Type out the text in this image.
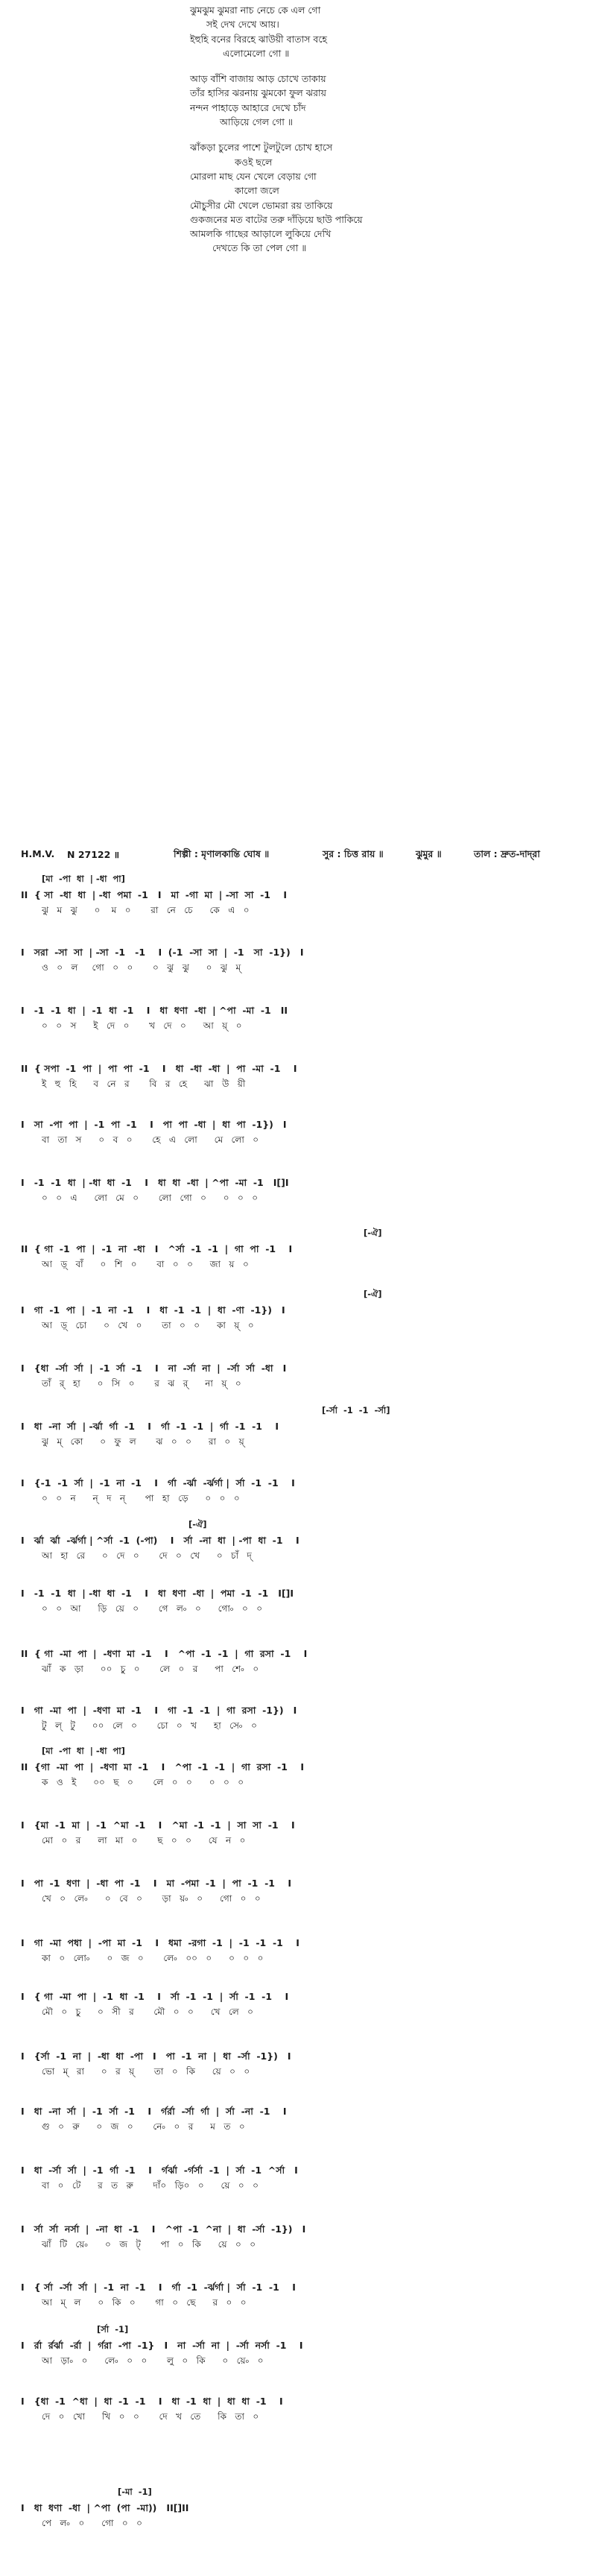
ঝুমঝুম ঝুমরা নাচ নেচে কে এল গো
সই দেখ দেখে আয়।
ইহুহি বনের বিরহে ঝাউয়ী বাতাস বহে
এলোমেলো গো ॥
আড় বাঁশি বাজায় আড় চোখে তাকায়
তাঁর হাসির ঝরনায় ঝুমকো ফুল ঝরায়
নন্দন পাহাড়ে আহারে দেখে চাঁদ
আড়িয়ে গেল গো ॥
ঝাঁকড়া চুলের পাশে টুলটুলে চোখ হাসে
কওই ছলে
মোরলা মাছ যেন খেলে বেড়ায় গো
কালো জলে
মৌচুসীর মৌ খেলে ভোমরা রয় তাকিয়ে
গুকজনের মত বাটের তরু দাঁড়িয়ে ছাউ পাকিয়ে
আমলকি গাছের আড়ালে লুকিয়ে দেখি
দেখতে কি তা পেল গো ॥
H.M.V. N 27122 ॥	শিল্পী : মৃণালকান্তি ঘোষ ॥	সুর : চিত্ত রায় ॥	ঝুমুর ॥	তাল : দ্রুত-দাদ্‌রা
[মা  -পা  ধা  | -ধা  পা]
II  { সা  -ধা  ধা  | -ধা  পমা  -1   I   মা  -গা  মা  | -সা  সা  -1    I
ঝু   ম   ঝু      ০    ম   ০       রা   নে   চে      কে   এ   ০
I   সরা  -সা  সা  | -সা  -1   -1    I  (-1  -সা  সা  |  -1   সা  -1})   I
ও   ০   ল     গো   ০   ০       ০   ঝু   ঝু      ০   ঝু   ম্‌
I   -1  -1  ধা  |  -1  ধা  -1    I   ধা  ধণা  -ধা  | ^পা  -মা  -1   II
০   ০   স      ই   দে   ০       খ   দে   ০      আ   য়্‌   ০
II  { সপা  -1  পা  |  পা  পা  -1    I   ধা  -ধা  -ধা  |  পা  -মা  -1    I
ই   হু   হি      ব   নে   র       বি   র   হে      ঝা   উ   য়ী
I   সা  -পা  পা  |  -1  পা  -1    I   পা  পা  -ধা  |  ধা  পা  -1})   I
বা   তা   স      ০   ব   ০       হে   এ   লো      মে   লো   ০
I   -1  -1  ধা  | -ধা  ধা  -1    I   ধা  ধা  -ধা  | ^পা  -মা  -1   I[]I
০   ০   এ      লো   মে   ০       লো   গো   ০      ০   ০   ০
[-ঐ]
II  { গা  -1  পা  |  -1  না  -ধা   I   ^র্সা  -1  -1  |  গা  পা  -1    I
আ   ড়্‌   বাঁ      ০   শি   ০       বা   ০   ০      জা   য়   ০
[-ঐ]
I   গা  -1  পা  |  -1  না  -1    I   ধা  -1  -1  |  ধা  -ণা  -1})   I
আ   ড়্‌   চো      ০   খে   ০       তা   ০   ০      কা   য়্‌   ০
I   {ধা  -র্সা  র্সা  |  -1  র্সা  -1    I   না  -র্সা  না  |  -র্সা  র্সা  -ধা   I
তাঁ   র্‌   হা      ০   সি   ০       র   ঝ   র্‌      না   য়্‌   ০
[-র্সা  -1  -1  -র্সা]
I   ধা  -না  র্সা  | -র্ঝা  র্গা  -1    I   র্গা  -1  -1  |  র্গা  -1  -1    I
ঝু   ম্‌   কো      ০   ফু   ল       ঝ   ০   ০      রা   ০   য়্‌
I   {-1  -1  র্সা  |  -1  না  -1    I   র্গা  -র্ঝা  -র্ঝর্গা |  র্সা  -1  -1    I
০   ০   ন      ন্‌   দ   ন্‌       পা   হা   ড়ে      ০   ০   ০
[-ঐ]
I   র্ঝা  র্ঝা  -র্ঝর্গা | ^র্সা  -1  (-পা)    I   র্সা  -না  ধা  | -পা  ধা  -1    I
আ   হা   রে      ০   দে   ০       দে   ০   খে      ০   চাঁ   দ্‌
I   -1  -1  ধা  | -ধা  ধা  -1    I   ধা  ধণা  -ধা  |  পমা  -1  -1   I[]I
০   ০   আ      ড়ি   য়ে   ০       গে   ল৹   ০      গো৹   ০   ০
II  { গা  -মা  পা  |  -ধণা  মা  -1    I   ^পা  -1  -1  |  গা  রসা  -1    I
ঝাঁ   ক   ড়া      ০০   চু   ০       লে   ০   র      পা   শে৹   ০
I   গা  -মা  পা  |  -ধণা  মা  -1    I   গা  -1  -1  |  গা  রসা  -1})   I
টু   ল্‌   টু      ০০   লে   ০       চো   ০   খ      হা   সে৹   ০
[মা  -পা  ধা  | -ধা  পা]
II  {গা  -মা  পা  |  -ধণা  মা  -1    I   ^পা  -1  -1  |  গা  রসা  -1    I
ক   ও   ই      ০০   ছ   ০       লে   ০   ০      ০   ০   ০
I   {মা  -1  মা  |  -1  ^মা  -1    I   ^মা  -1  -1  |  সা  সা  -1    I
মো   ০   র      লা   মা   ০       ছ   ০   ০      যে   ন   ০
I   পা  -1  ধণা  |  -ধা  পা  -1    I   মা  -পমা  -1  |  পা  -1  -1    I
খে   ০   লে৹      ০   বে   ০       ড়া   য়৹   ০      গো   ০   ০
I   গা  -মা  পধা  |  -পা  মা  -1    I   ধমা  -রগা  -1  |  -1  -1  -1    I
কা   ০   লো৹      ০   জ   ০       লে৹   ০০   ০      ০   ০   ০
I   { গা  -মা  পা  |  -1  ধা  -1    I   র্সা  -1  -1  |  র্সা  -1  -1    I
মৌ   ০   চু      ০   সী   র       মৌ   ০   ০      খে   লে   ০
I   {র্সা  -1  না  |  -ধা  ধা  -পা   I   পা  -1  না  |  ধা  -র্সা  -1})   I
ভো   ম্‌   রা      ০   র   য়্‌       তা   ০   কি      য়ে   ০   ০
I   ধা  -না  র্সা  |  -1  র্সা  -1    I   র্গর্রা  -র্সা  র্গা  |  র্সা  -না  -1    I
গু   ০   রু      ০   জ   ০       নে৹   ০   র      ম   ত   ০
I   ধা  -র্সা  র্সা  |  -1  র্গা  -1    I   র্গর্ঝা  -র্গর্সা  -1  |  র্সা  -1  ^র্সা   I
বা   ০   টে      র   ত   রু       দাঁ০   ড়ি০   ০      য়ে   ০   ০
I   র্সা  র্সা  নর্সা  |  -না  ধা  -1    I   ^পা  -1  ^না  |  ধা  -র্সা  -1})   I
ঝাঁ   টি   য়ে৹      ০   জ   ট্‌       পা   ০   কি      য়ে   ০   ০
I   { র্সা  -র্সা  র্সা  |  -1  না  -1    I   র্গা  -1  -র্ঝর্গা |  র্সা  -1  -1    I
আ   ম্‌   ল      ০   কি   ০       গা   ০   ছে      র   ০   ০
[র্সা  -1]
I   র্রা  র্রর্ঝা  -র্রা  |  র্গরা  -পা  -1}   I   না  -র্সা  না  |  -র্সা  নর্সা  -1    I
আ   ড়া৹   ০      লে৹   ০   ০       লু   ০   কি      ০   য়ে৹   ০
I   {ধা  -1  ^ধা  |  ধা  -1  -1    I   ধা  -1  ধা  |  ধা  ধা  -1    I
দে   ০   খো      খি   ০   ০       দে   খ   তে      কি   তা   ০
[-মা  -1]
I   ধা  ধণা  -ধা  | ^পা  (পা  -মা))   II[]II
পে   ল৹   ০      গো   ০   ০
